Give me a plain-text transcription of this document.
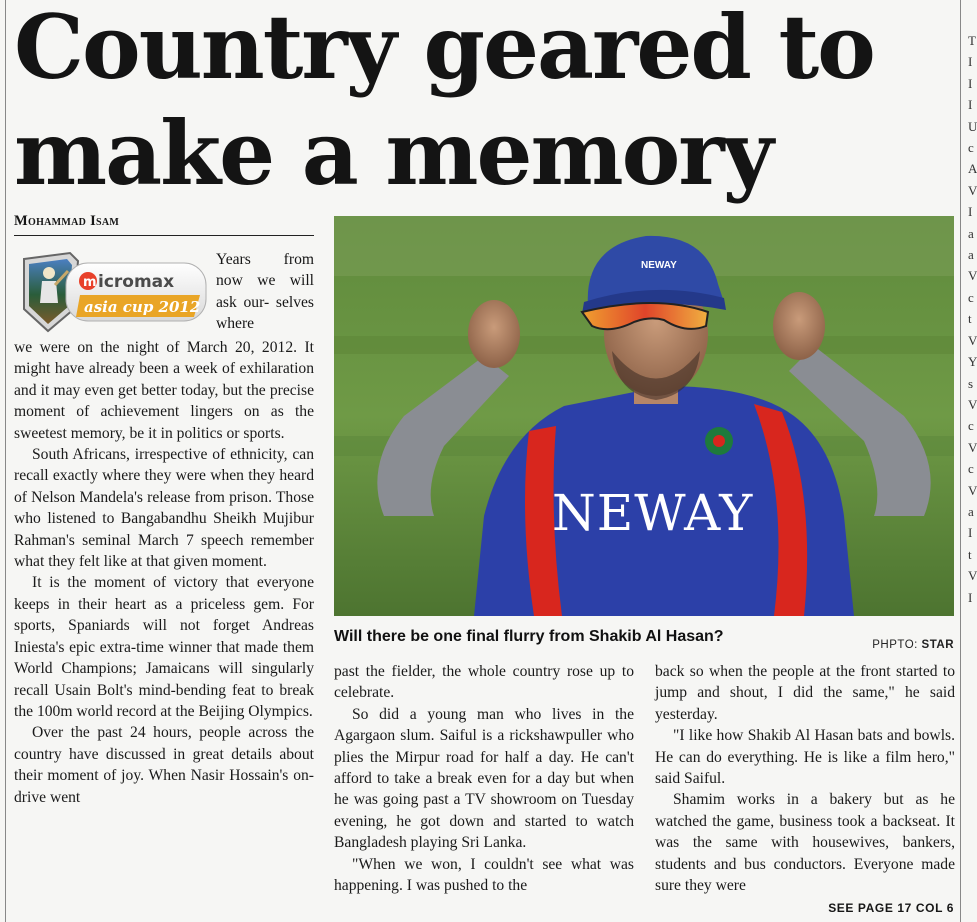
Country geared to make a memory
Mohammad Isam
m icromax
asia cup 2012
Years from now we will ask our- selves where

we were on the night of March 20, 2012. It might have already been a week of exhilaration and it may even get better today, but the precise moment of achievement lingers on as the sweetest memory, be it in politics or sports.

South Africans, irrespective of ethnicity, can recall exactly where they were when they heard of Nelson Mandela's release from prison. Those who listened to Bangabandhu Sheikh Mujibur Rahman's seminal March 7 speech remember what they felt like at that given moment.

It is the moment of victory that everyone keeps in their heart as a priceless gem. For sports, Spaniards will not forget Andreas Iniesta's epic extra-time winner that made them World Champions; Jamaicans will singularly recall Usain Bolt's mind-bending feat to break the 100m world record at the Beijing Olympics.

Over the past 24 hours, people across the country have discussed in great details about their moment of joy. When Nasir Hossain's on-drive went

NEWAY
NEWAY
Will there be one final flurry from Shakib Al Hasan?	PHPTO: STAR

past the fielder, the whole country rose up to celebrate.

So did a young man who lives in the Agargaon slum. Saiful is a rickshawpuller who plies the Mirpur road for half a day. He can't afford to take a break even for a day but when he was going past a TV showroom on Tuesday evening, he got down and started to watch Bangladesh playing Sri Lanka.

"When we won, I couldn't see what was happening. I was pushed to the

back so when the people at the front started to jump and shout, I did the same," he said yesterday.

"I like how Shakib Al Hasan bats and bowls. He can do everything. He is like a film hero," said Saiful.

Shamim works in a bakery but as he watched the game, business took a backseat. It was the same with housewives, bankers, students and bus conductors. Everyone made sure they were

SEE PAGE 17 COL 6
T
I
I
I
U
c
A
V
I
a
a
V
c
t
V
Y
s
V
c
V
c
V
a
I
t
V
I
